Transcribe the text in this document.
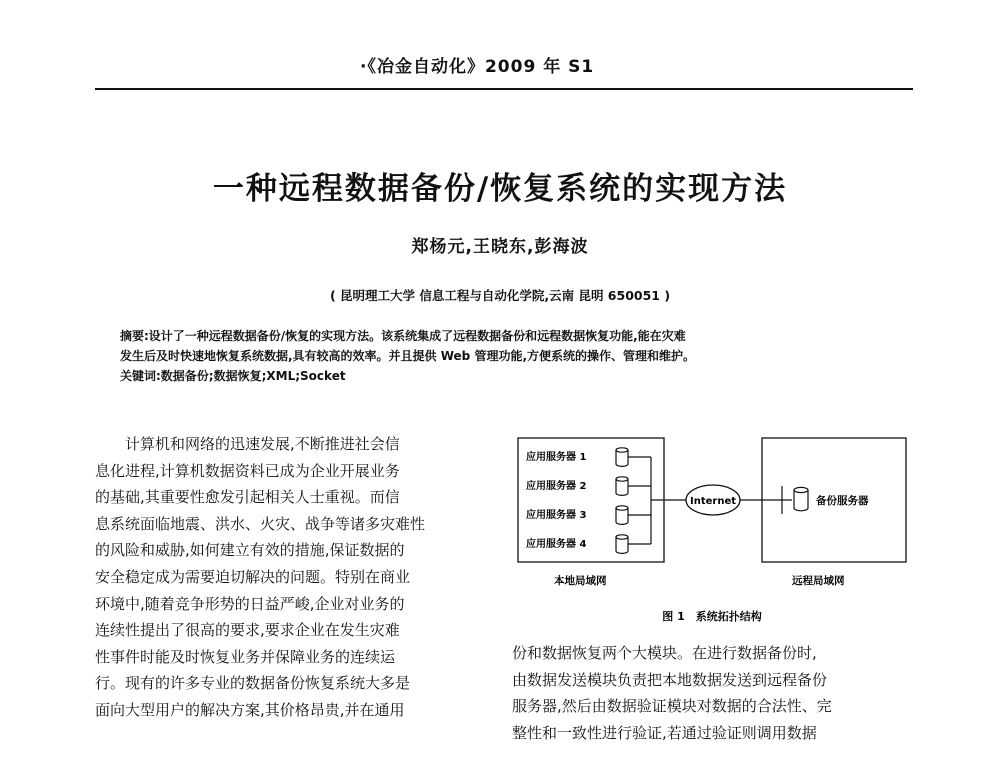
·《冶金自动化》2009 年 S1
一种远程数据备份/恢复系统的实现方法
郑杨元,王晓东,彭海波
( 昆明理工大学 信息工程与自动化学院,云南 昆明 650051 )

摘要:设计了一种远程数据备份/恢复的实现方法。该系统集成了远程数据备份和远程数据恢复功能,能在灾难

发生后及时快速地恢复系统数据,具有较高的效率。并且提供 Web 管理功能,方便系统的操作、管理和维护。

关键词:数据备份;数据恢复;XML;Socket

　　计算机和网络的迅速发展,不断推进社会信

息化进程,计算机数据资料已成为企业开展业务

的基础,其重要性愈发引起相关人士重视。而信

息系统面临地震、洪水、火灾、战争等诸多灾难性

的风险和威胁,如何建立有效的措施,保证数据的

安全稳定成为需要迫切解决的问题。特别在商业

环境中,随着竞争形势的日益严峻,企业对业务的

连续性提出了很高的要求,要求企业在发生灾难

性事件时能及时恢复业务并保障业务的连续运

行。现有的许多专业的数据备份恢复系统大多是

面向大型用户的解决方案,其价格昂贵,并在通用

应用服务器 1
应用服务器 2
应用服务器 3
应用服务器 4
Internet	备份服务器
本地局域网	远程局域网
图 1　系统拓扑结构

份和数据恢复两个大模块。在进行数据备份时,

由数据发送模块负责把本地数据发送到远程备份

服务器,然后由数据验证模块对数据的合法性、完

整性和一致性进行验证,若通过验证则调用数据
